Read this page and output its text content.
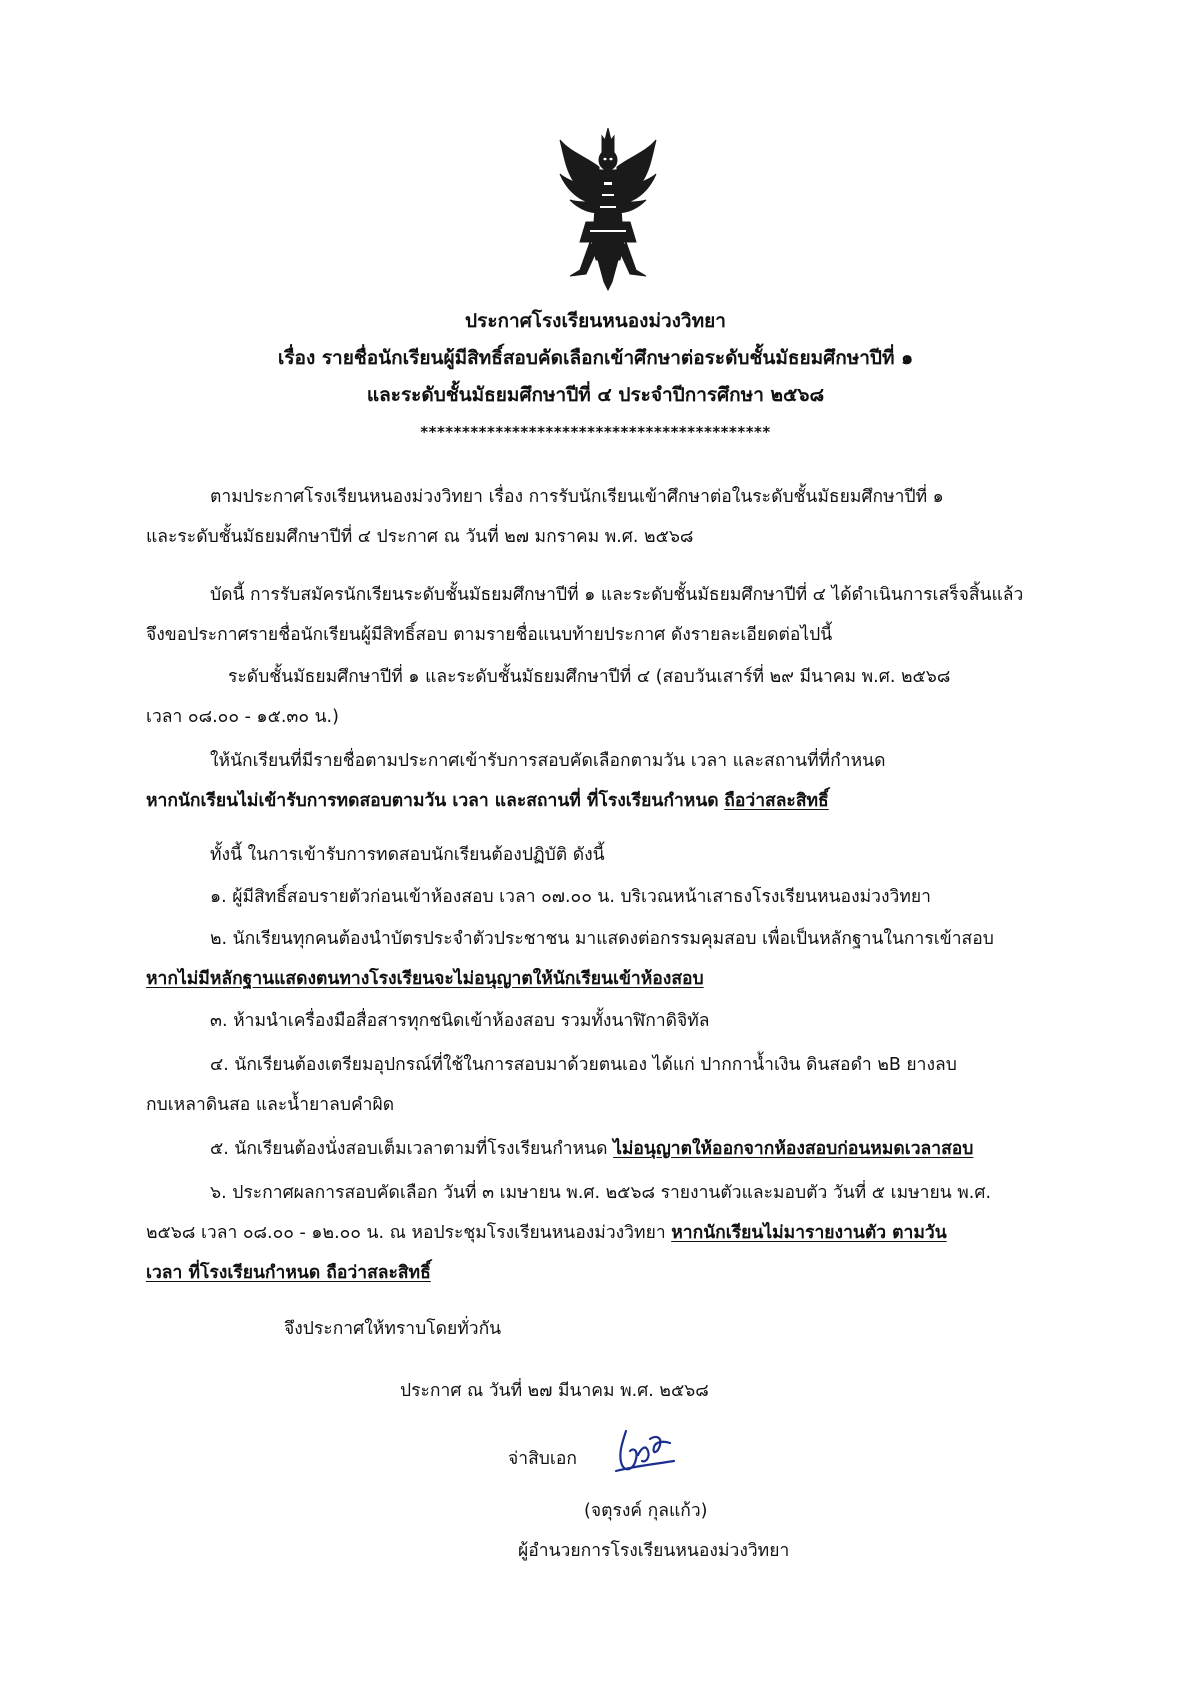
ประกาศโรงเรียนหนองม่วงวิทยา
เรื่อง รายชื่อนักเรียนผู้มีสิทธิ์สอบคัดเลือกเข้าศึกษาต่อระดับชั้นมัธยมศึกษาปีที่ ๑
และระดับชั้นมัธยมศึกษาปีที่ ๔ ประจำปีการศึกษา ๒๕๖๘
******************************************
ตามประกาศโรงเรียนหนองม่วงวิทยา เรื่อง การรับนักเรียนเข้าศึกษาต่อในระดับชั้นมัธยมศึกษาปีที่ ๑
และระดับชั้นมัธยมศึกษาปีที่ ๔ ประกาศ ณ วันที่ ๒๗ มกราคม พ.ศ. ๒๕๖๘
บัดนี้ การรับสมัครนักเรียนระดับชั้นมัธยมศึกษาปีที่ ๑ และระดับชั้นมัธยมศึกษาปีที่ ๔ ได้ดำเนินการเสร็จสิ้นแล้ว
จึงขอประกาศรายชื่อนักเรียนผู้มีสิทธิ์สอบ ตามรายชื่อแนบท้ายประกาศ ดังรายละเอียดต่อไปนี้
ระดับชั้นมัธยมศึกษาปีที่ ๑ และระดับชั้นมัธยมศึกษาปีที่ ๔ (สอบวันเสาร์ที่ ๒๙ มีนาคม พ.ศ. ๒๕๖๘
เวลา ๐๘.๐๐ - ๑๕.๓๐ น.)
ให้นักเรียนที่มีรายชื่อตามประกาศเข้ารับการสอบคัดเลือกตามวัน เวลา และสถานที่ที่กำหนด
หากนักเรียนไม่เข้ารับการทดสอบตามวัน เวลา และสถานที่ ที่โรงเรียนกำหนด ถือว่าสละสิทธิ์
ทั้งนี้ ในการเข้ารับการทดสอบนักเรียนต้องปฏิบัติ ดังนี้
๑. ผู้มีสิทธิ์สอบรายตัวก่อนเข้าห้องสอบ เวลา ๐๗.๐๐ น. บริเวณหน้าเสาธงโรงเรียนหนองม่วงวิทยา
๒. นักเรียนทุกคนต้องนำบัตรประจำตัวประชาชน มาแสดงต่อกรรมคุมสอบ เพื่อเป็นหลักฐานในการเข้าสอบ
หากไม่มีหลักฐานแสดงตนทางโรงเรียนจะไม่อนุญาตให้นักเรียนเข้าห้องสอบ
๓. ห้ามนำเครื่องมือสื่อสารทุกชนิดเข้าห้องสอบ รวมทั้งนาฬิกาดิจิทัล
๔. นักเรียนต้องเตรียมอุปกรณ์ที่ใช้ในการสอบมาด้วยตนเอง ได้แก่ ปากกาน้ำเงิน ดินสอดำ ๒B ยางลบ
กบเหลาดินสอ และน้ำยาลบคำผิด
๕. นักเรียนต้องนั่งสอบเต็มเวลาตามที่โรงเรียนกำหนด ไม่อนุญาตให้ออกจากห้องสอบก่อนหมดเวลาสอบ
๖. ประกาศผลการสอบคัดเลือก วันที่ ๓ เมษายน พ.ศ. ๒๕๖๘ รายงานตัวและมอบตัว วันที่ ๕ เมษายน พ.ศ.
๒๕๖๘ เวลา ๐๘.๐๐ - ๑๒.๐๐ น. ณ หอประชุมโรงเรียนหนองม่วงวิทยา หากนักเรียนไม่มารายงานตัว ตามวัน
เวลา ที่โรงเรียนกำหนด ถือว่าสละสิทธิ์
จึงประกาศให้ทราบโดยทั่วกัน
ประกาศ ณ วันที่ ๒๗ มีนาคม พ.ศ. ๒๕๖๘
จ่าสิบเอก
(จตุรงค์ กุลแก้ว)
ผู้อำนวยการโรงเรียนหนองม่วงวิทยา
